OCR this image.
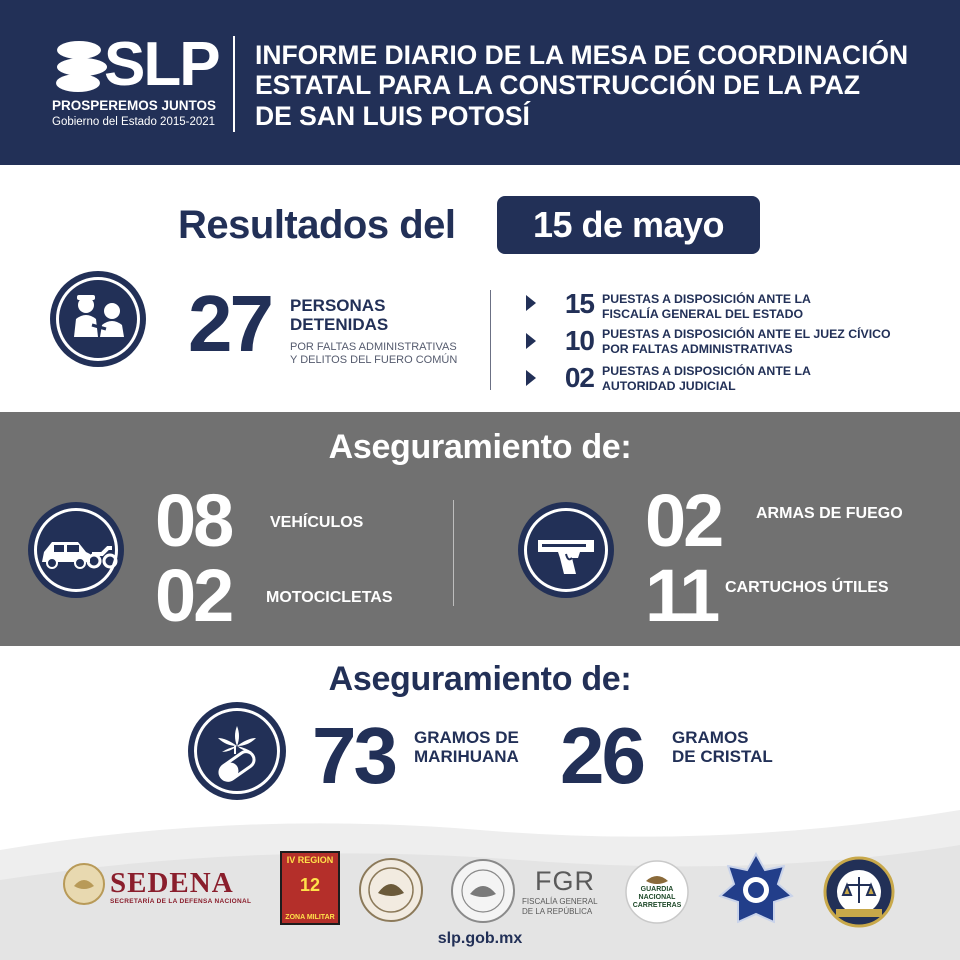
SLP
PROSPEREMOS JUNTOS
Gobierno del Estado 2015-2021
INFORME DIARIO DE LA MESA DE COORDINACIÓN
ESTATAL PARA LA CONSTRUCCIÓN DE LA PAZ
DE SAN LUIS POTOSÍ
Resultados del	15 de mayo
27 PERSONAS
DETENIDAS
POR FALTAS ADMINISTRATIVAS
Y DELITOS DEL FUERO COMÚN
15 PUESTAS A DISPOSICIÓN ANTE LA
FISCALÍA GENERAL DEL ESTADO
10 PUESTAS A DISPOSICIÓN ANTE EL JUEZ CÍVICO
POR FALTAS ADMINISTRATIVAS
02 PUESTAS A DISPOSICIÓN ANTE LA
AUTORIDAD JUDICIAL
Aseguramiento de:
08 VEHÍCULOS
02 MOTOCICLETAS
02 ARMAS DE FUEGO
11 CARTUCHOS ÚTILES
Aseguramiento de:
73 GRAMOS DE
MARIHUANA 26 GRAMOS
DE CRISTAL
SEDENA
SECRETARÍA DE LA DEFENSA NACIONAL
IV REGION
12
ZONA MILITAR
FGR
FISCALÍA GENERAL
DE LA REPÚBLICA
GUARDIA
NACIONAL
CARRETERAS
slp.gob.mx
